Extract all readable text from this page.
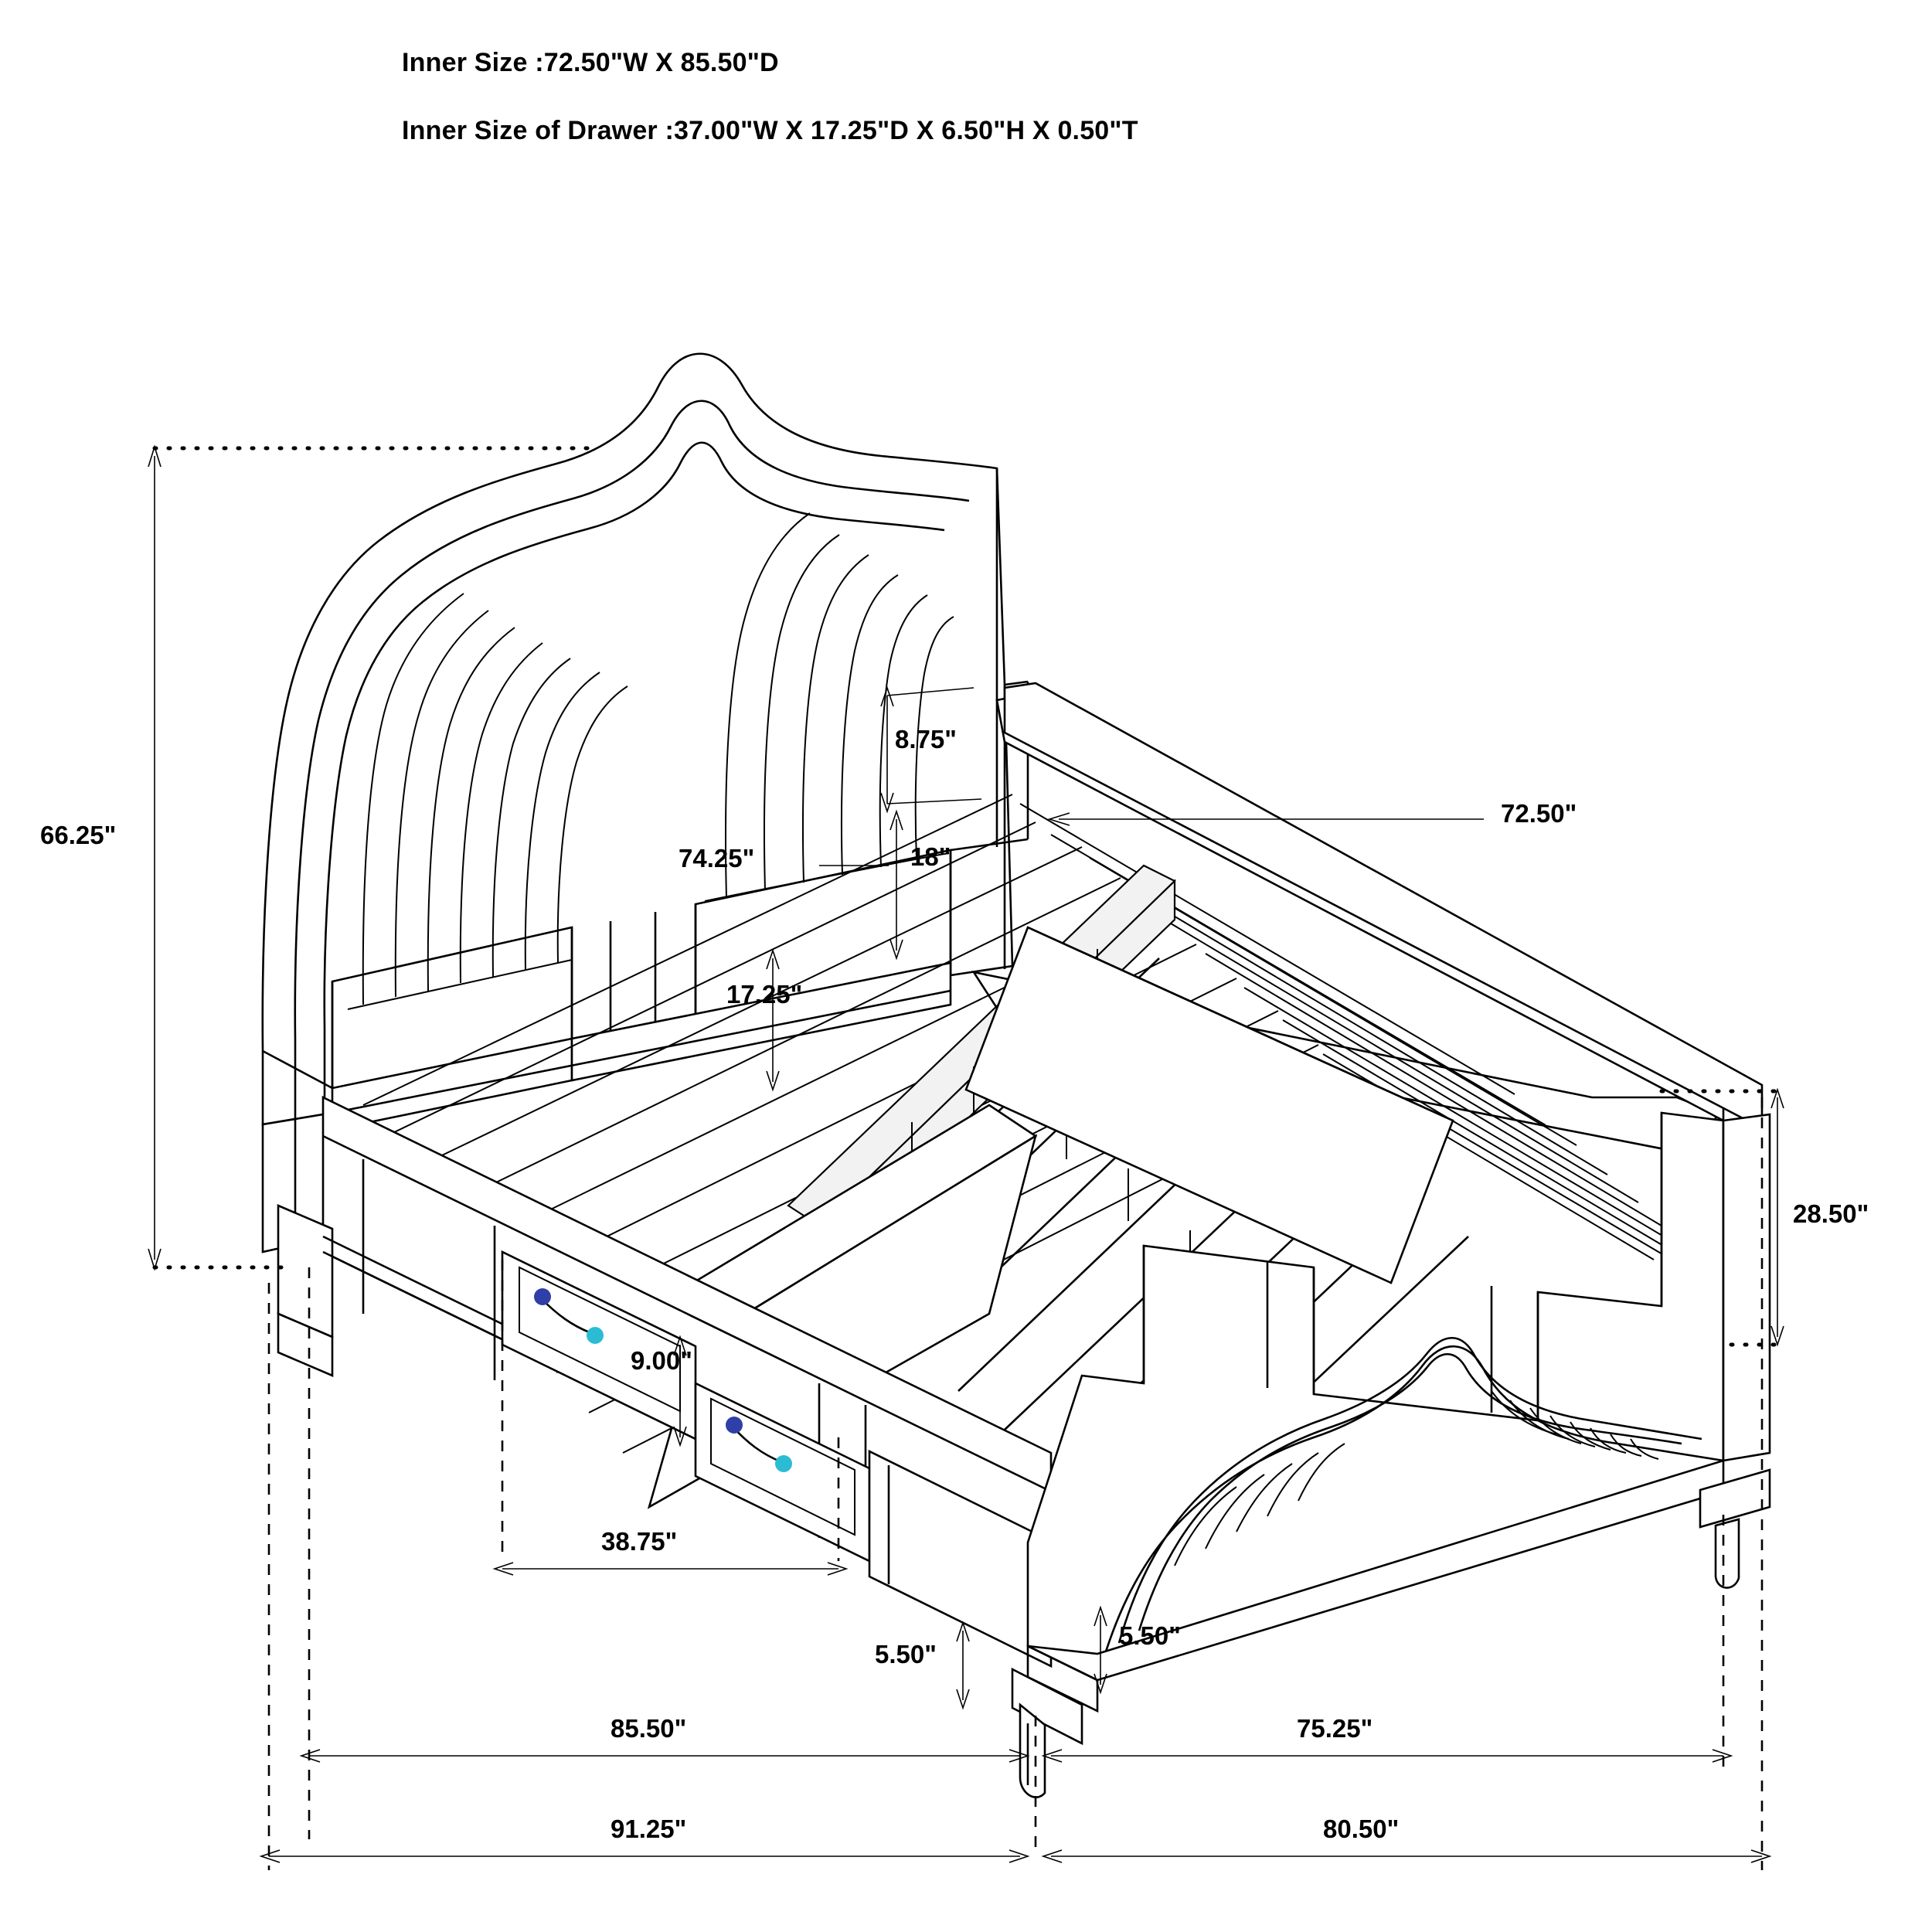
Inner Size :72.50"W X 85.50"D
Inner Size of Drawer :37.00"W X 17.25"D X 6.50"H X 0.50"T
66.25"
8.75"
72.50"
74.25"	18"
17.25"
9.00"
38.75"
28.50"
5.50"
5.50"
85.50"	75.25"
91.25"	80.50"
